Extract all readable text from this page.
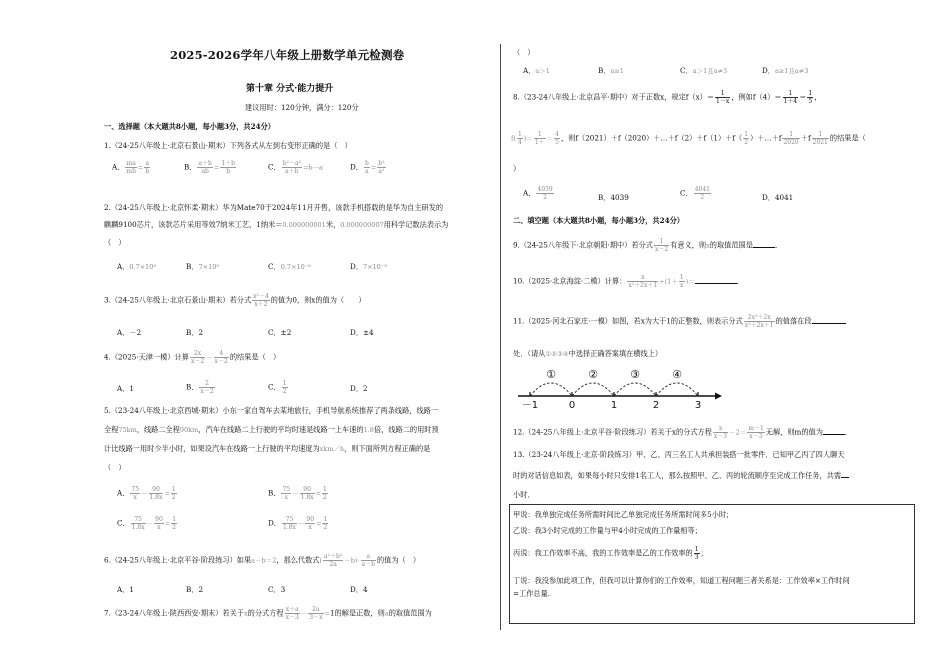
2025-2026学年八年级上册数学单元检测卷
第十章 分式·能力提升
建议用时：120分钟，满分：120分
一、选择题（本大题共8小题，每小题3分，共24分）
1.（24-25八年级上·北京石景山·期末）下列各式从左到右变形正确的是（　）
A． $\frac{ma}{mb} = \frac{a}{b}$	B． $\frac{a+b}{ab} = \frac{1+b}{b}$	C． $\frac{\text{b²－a²}}{a+b} =b-a$	D． $\frac{b}{a} = \frac{\text{b²}}{\text{a²}}$
2.（24-25八年级上·北京怀柔·期末）华为Mate70于2024年11月开售，该款手机搭载的是华为自主研发的
麒麟9100芯片，该款芯片采用等效7纳米工艺，1纳米＝0.000000001米，0.000000007用科学记数法表示为
（　）
A．0.7×10⁸	B．7×10⁸	C．0.7×10⁻⁸	D．7×10⁻⁹
3.（24-25八年级上·北京石景山·期末）若分式 $\frac{\text{x²－4}}{x+2}$ 的值为0，则x的值为（　　）
A．－2	B．2	C．±2	D．±4
4.（2025·天津一模）计算 $\frac{2x}{x-2} - \frac{4}{x-2}$ 的结果是（　）
A．1	B． $\frac{2}{x-2}$	C． $\frac{1}{2}$	D．2
5.（23-24八年级上·北京西城·期末）小东一家自驾车去某地旅行，手机导航系统推荐了两条线路，线路一
全程75km，线路二全程90km，汽车在线路二上行驶的平均时速是线路一上车速的1.8倍，线路二的用时预
计比线路一用时少半小时，如果设汽车在线路一上行驶的平均速度为xkm／h，则下面所列方程正确的是
（　）
A． $\frac{75}{x} - \frac{90}{1.8x} = \frac{1}{2}$	B． $\frac{75}{x} - \frac{90}{1.8x} = \frac{1}{2}$
C． $\frac{75}{1.8x} - \frac{90}{x} = \frac{1}{2}$	D． $\frac{75}{1.8x} - \frac{90}{x} = \frac{1}{2}$
6.（24-25八年级上·北京平谷·阶段练习）如果a－b＝2，那么代数式( $\frac{\text{a²＋b²}}{2a} -b)\cdot \frac{a}{a-b}$ 的值为（　）
A．1	B．2	C．3	D．4
7.（23-24八年级上·陕西西安·期末）若关于x的分式方程 $\frac{x+a}{x-3} - \frac{2a}{3-x} =1$的解是正数，则a的取值范围为
（　）
A．a＞1	B．a≥1	C．a＞1且a≠3	D．a≥1且a≠3
8.（23-24八年级上·北京昌平·期中）对于正数x，规定$f(x)= \frac{1}{1-x}$ ，例如$f(4)= \frac{1}{1+4} = \frac{1}{5}$ ，
$f( \frac{1}{4}$ )＝ $\frac{1}{1+} = \frac{4}{5}$ ，则f（2021）＋f（2020）＋…＋f（2）＋f（1）＋f（ $\frac{1}{2}$ ）＋…＋f $\frac{1}{2020} +f \frac{1}{2021}$ 的结果是（
）
A． $\frac{4039}{2}$	B．4039	C． $\frac{4041}{2}$	D．4041
二、填空题（本大题共8小题，每小题3分，共24分）
9.（24-25八年级下·北京朝阳·期中）若分式 $\frac{1}{x-2}$ 有意义，则x的取值范围是	．
10.（2025·北京海淀·二模）计算： $\frac{x}{\text{x²＋2x＋1}} \div(1+ \frac{1}{x}$ )＝	．
11.（2025·河北石家庄·一模）如图，若x为大于1的正整数，则表示分式 $\frac{\text{2x²＋2x}}{\text{x²＋2x＋1}}$ 的值落在段
处．（请从①②③④中选择正确答案填在横线上）
－1	0	1	2	3
①	②	③	④
12.（24-25八年级上·北京平谷·阶段练习）若关于x的分式方程 $\frac{x}{x-3} -2= \frac{m-1}{x-3}$ 无解，则m的值为	．
13.（23-24八年级上·北京·阶段练习）甲、乙、丙三名工人共承担装搭一批零件．已知甲乙丙了四人聊天
时的对话信息如表，如果每小时只安排1名工人，那么按照甲、乙、丙的轮流顺序至完成工作任务，共需
小时．
甲说：我单独完成任务所需时间比乙单独完成任务所需时间多5小时；
乙说：我3小时完成的工作量与甲4小时完成的工作量相等；
丙说：我工作效率不高，我的工作效率是乙的工作效率的 $\frac{1}{3}$ ；
丁说：我没参加此项工作，但我可以计算你们的工作效率，知道工程问题三者关系是：工作效率×工作时间
=工作总量.
